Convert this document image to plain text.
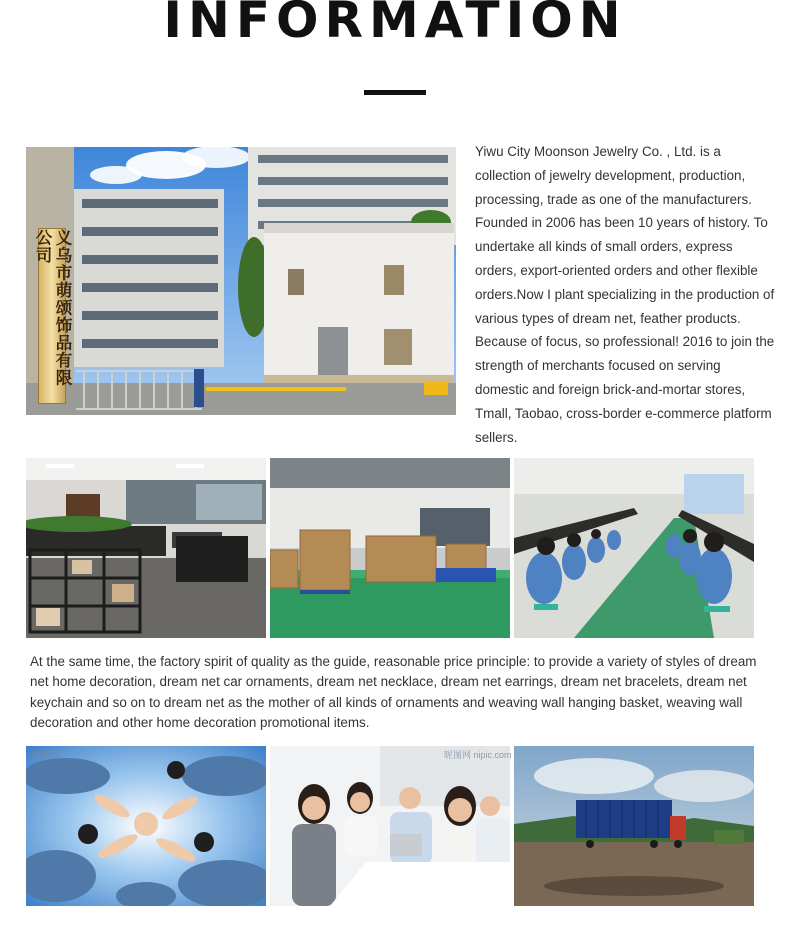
INFORMATION
义乌市萌颂饰品有限公司
Yiwu City Moonson Jewelry Co. , Ltd. is a collection of jewelry development, production, processing, trade as one of the manufacturers. Founded in 2006 has been 10 years of history. To undertake all kinds of small orders, express orders, export-oriented orders and other flexible orders.Now I plant specializing in the production of various types of dream net, feather products. Because of focus, so professional! 2016 to join the strength of merchants focused on serving domestic and foreign brick-and-mortar stores, Tmall, Taobao, cross-border e-commerce platform sellers.
At the same time, the factory spirit of quality as the guide, reasonable price principle: to provide a variety of styles of dream net home decoration, dream net car ornaments, dream net necklace, dream net earrings, dream net bracelets, dream net keychain and so on to dream net as the mother of all kinds of ornaments and weaving wall hanging basket, weaving wall decoration and other home decoration promotional items.
昵图网	昵图网 nipic.com
